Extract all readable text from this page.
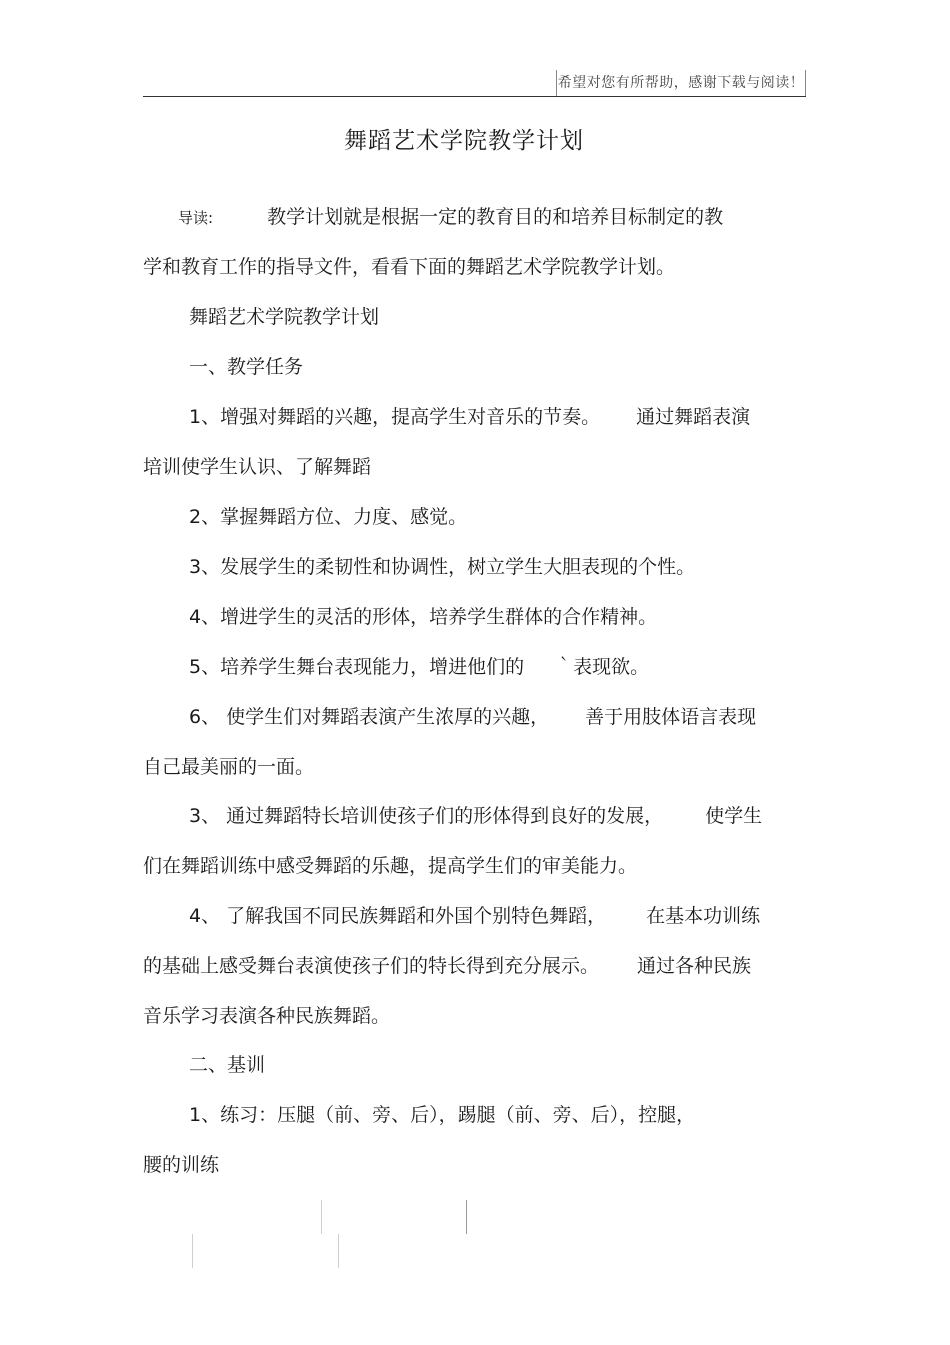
希望对您有所帮助，感谢下载与阅读！
舞蹈艺术学院教学计划
导读:	教学计划就是根据一定的教育目的和培养目标制定的教
学和教育工作的指导文件，看看下面的舞蹈艺术学院教学计划。
舞蹈艺术学院教学计划
一、教学任务
1、增强对舞蹈的兴趣，提高学生对音乐的节奏。 通过舞蹈表演
培训使学生认识、了解舞蹈
2、掌握舞蹈方位、力度、感觉。
3、发展学生的柔韧性和协调性，树立学生大胆表现的个性。
4、增进学生的灵活的形体，培养学生群体的合作精神。
5、培养学生舞台表现能力，增进他们的 ｀表现欲。
6、 使学生们对舞蹈表演产生浓厚的兴趣， 善于用肢体语言表现
自己最美丽的一面。
3、 通过舞蹈特长培训使孩子们的形体得到良好的发展， 使学生
们在舞蹈训练中感受舞蹈的乐趣，提高学生们的审美能力。
4、 了解我国不同民族舞蹈和外国个别特色舞蹈， 在基本功训练
的基础上感受舞台表演使孩子们的特长得到充分展示。 通过各种民族
音乐学习表演各种民族舞蹈。
二、基训
1、练习：压腿（前、旁、后），踢腿（前、旁、后），控腿，
腰的训练
